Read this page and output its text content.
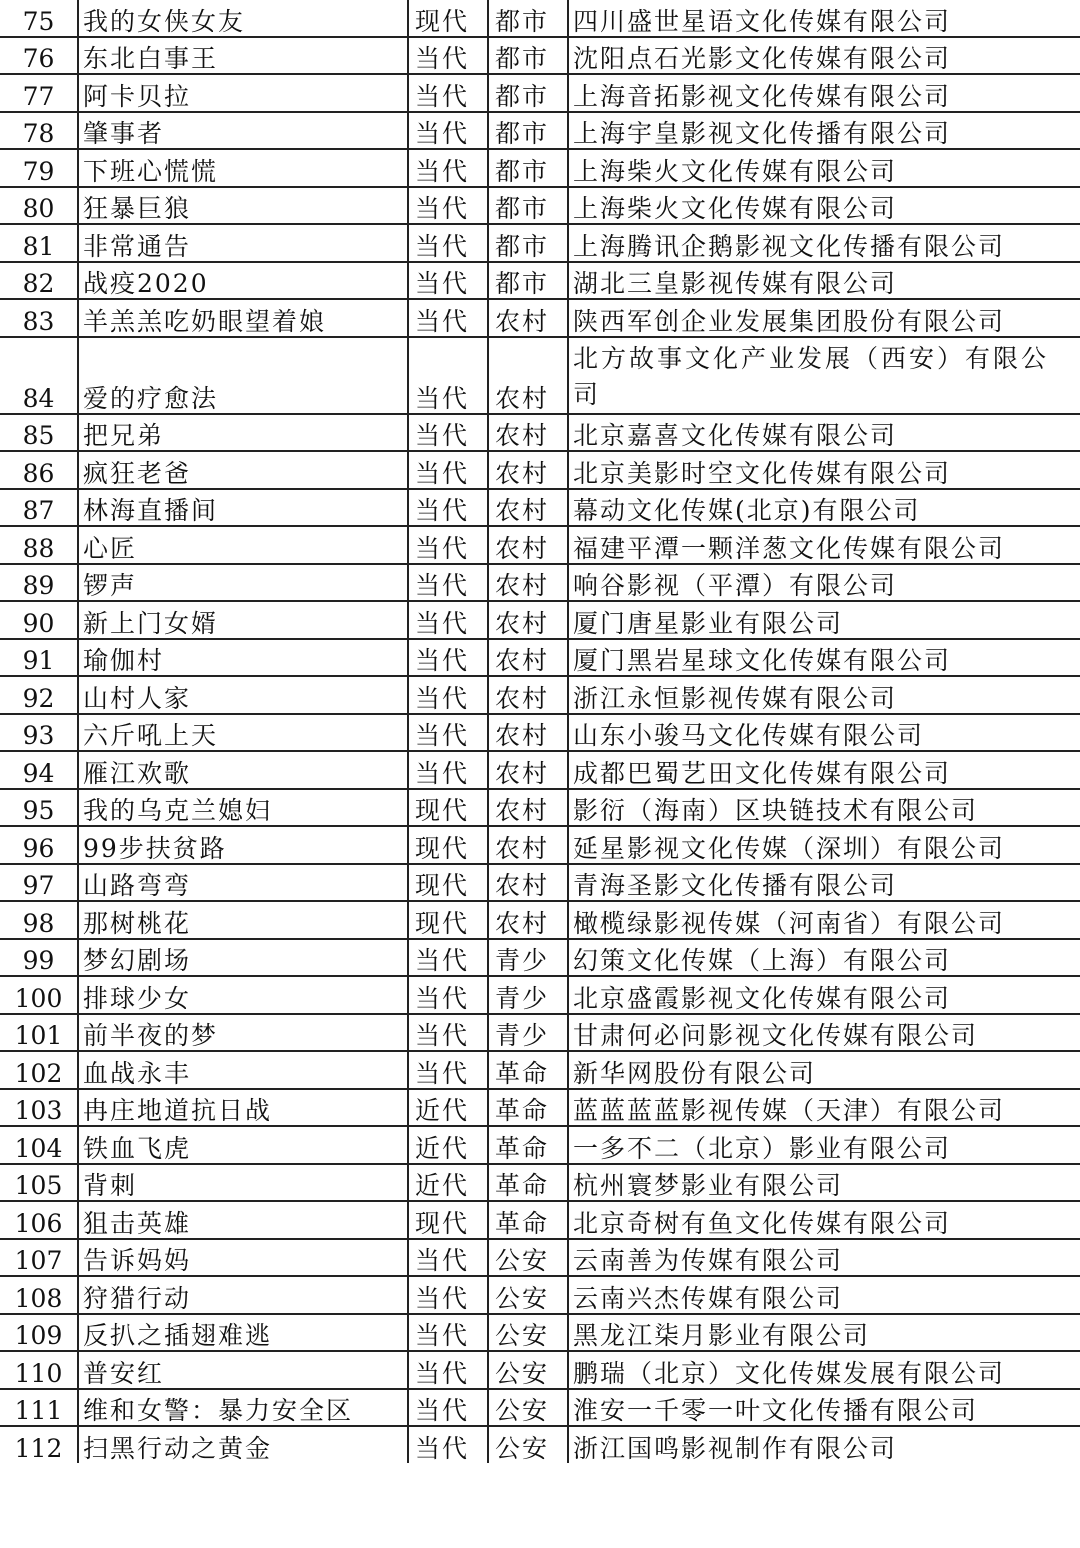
75	我的女侠女友	现代	都市	四川盛世星语文化传媒有限公司
76	东北白事王	当代	都市	沈阳点石光影文化传媒有限公司
77	阿卡贝拉	当代	都市	上海音拓影视文化传媒有限公司
78	肇事者	当代	都市	上海宇皇影视文化传播有限公司
79	下班心慌慌	当代	都市	上海柴火文化传媒有限公司
80	狂暴巨狼	当代	都市	上海柴火文化传媒有限公司
81	非常通告	当代	都市	上海腾讯企鹅影视文化传播有限公司
82	战疫2020	当代	都市	湖北三皇影视传媒有限公司
83	羊羔羔吃奶眼望着娘	当代	农村	陕西军创企业发展集团股份有限公司
84	爱的疗愈法	当代	农村	北方故事文化产业发展（西安）有限公司
85	把兄弟	当代	农村	北京嘉喜文化传媒有限公司
86	疯狂老爸	当代	农村	北京美影时空文化传媒有限公司
87	林海直播间	当代	农村	幕动文化传媒(北京)有限公司
88	心匠	当代	农村	福建平潭一颗洋葱文化传媒有限公司
89	锣声	当代	农村	响谷影视（平潭）有限公司
90	新上门女婿	当代	农村	厦门唐星影业有限公司
91	瑜伽村	当代	农村	厦门黑岩星球文化传媒有限公司
92	山村人家	当代	农村	浙江永恒影视传媒有限公司
93	六斤吼上天	当代	农村	山东小骏马文化传媒有限公司
94	雁江欢歌	当代	农村	成都巴蜀艺田文化传媒有限公司
95	我的乌克兰媳妇	现代	农村	影衍（海南）区块链技术有限公司
96	99步扶贫路	现代	农村	延星影视文化传媒（深圳）有限公司
97	山路弯弯	现代	农村	青海圣影文化传播有限公司
98	那树桃花	现代	农村	橄榄绿影视传媒（河南省）有限公司
99	梦幻剧场	当代	青少	幻策文化传媒（上海）有限公司
100	排球少女	当代	青少	北京盛霞影视文化传媒有限公司
101	前半夜的梦	当代	青少	甘肃何必问影视文化传媒有限公司
102	血战永丰	当代	革命	新华网股份有限公司
103	冉庄地道抗日战	近代	革命	蓝蓝蓝蓝影视传媒（天津）有限公司
104	铁血飞虎	近代	革命	一多不二（北京）影业有限公司
105	背刺	近代	革命	杭州寰梦影业有限公司
106	狙击英雄	现代	革命	北京奇树有鱼文化传媒有限公司
107	告诉妈妈	当代	公安	云南善为传媒有限公司
108	狩猎行动	当代	公安	云南兴杰传媒有限公司
109	反扒之插翅难逃	当代	公安	黑龙江柒月影业有限公司
110	普安红	当代	公安	鹏瑞（北京）文化传媒发展有限公司
111	维和女警：暴力安全区	当代	公安	淮安一千零一叶文化传播有限公司
112	扫黑行动之黄金	当代	公安	浙江国鸣影视制作有限公司
